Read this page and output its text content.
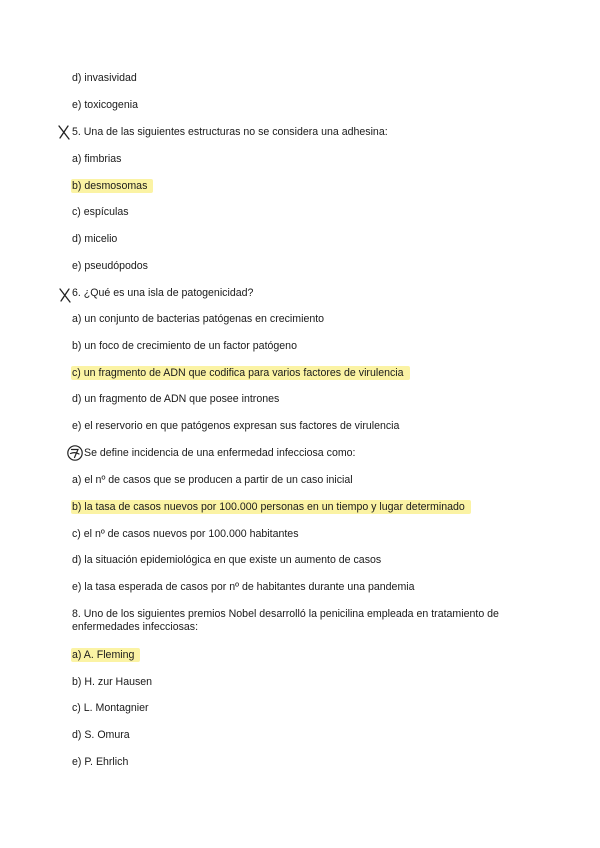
d) invasividad
e) toxicogenia
5. Una de las siguientes estructuras no se considera una adhesina:
a) fimbrias
b) desmosomas
c) espículas
d) micelio
e) pseudópodos
6. ¿Qué es una isla de patogenicidad?
a) un conjunto de bacterias patógenas en crecimiento
b) un foco de crecimiento de un factor patógeno
c) un fragmento de ADN que codifica para varios factores de virulencia
d) un fragmento de ADN que posee intrones
e) el reservorio en que patógenos expresan sus factores de virulencia
Se define incidencia de una enfermedad infecciosa como:
a) el nº de casos que se producen a partir de un caso inicial
b) la tasa de casos nuevos por 100.000 personas en un tiempo y lugar determinado
c) el nº de casos nuevos por 100.000 habitantes
d) la situación epidemiológica en que existe un aumento de casos
e) la tasa esperada de casos por nº de habitantes durante una pandemia
8. Uno de los siguientes premios Nobel desarrolló la penicilina empleada en tratamiento de enfermedades infecciosas:
a) A. Fleming
b) H. zur Hausen
c) L. Montagnier
d) S. Omura
e) P. Ehrlich
